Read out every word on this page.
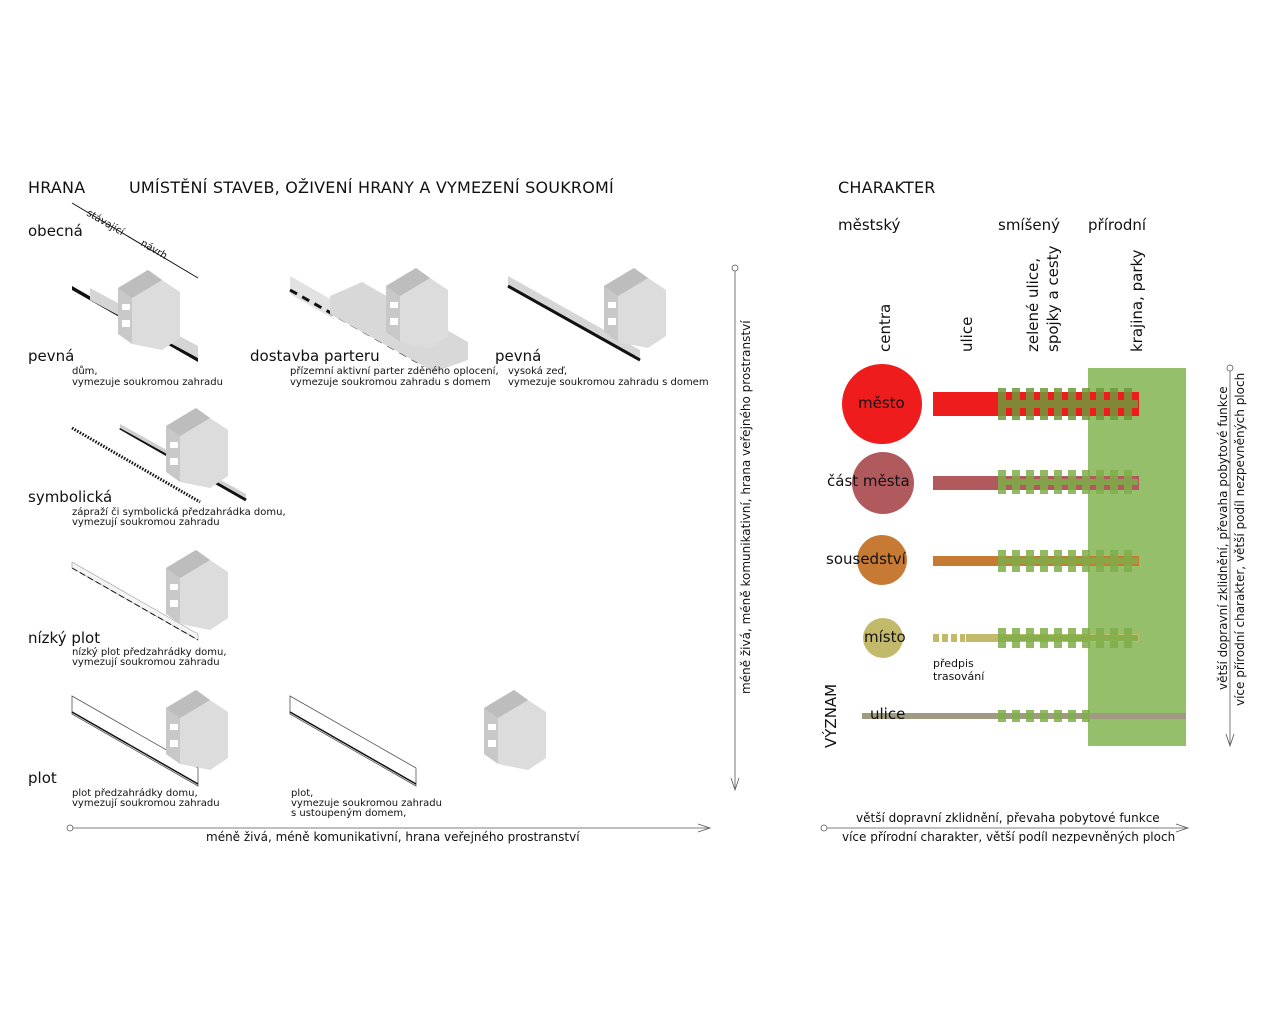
HRANA	UMÍSTĚNÍ STAVEB, OŽIVENÍ HRANY A VYMEZENÍ SOUKROMÍ
obecná stávající
návrh
pevná
dům,
vymezuje soukromou zahradu
dostavba parteru
přízemní aktivní parter zděného oplocení,
vymezuje soukromou zahradu s domem
pevná
vysoká zeď,
vymezuje soukromou zahradu s domem
symbolická
zápraží či symbolická předzahrádka domu,
vymezují soukromou zahradu
nízký plot
nízký plot předzahrádky domu,
vymezují soukromou zahradu
plot
plot předzahrádky domu,
vymezují soukromou zahradu
plot,
vymezuje soukromou zahradu
s ustoupeným domem,
méně živá, méně komunikativní, hrana veřejného prostranství
méně živá, méně komunikativní, hrana veřejného prostranství
CHARAKTER
městský	smíšený přírodní
centra	ulice	zelené ulice, spojky a cesty	krajina, parky
město
část města
sousedství
místo
ulice
předpis
trasování
VÝZNAM
větší dopravní zklidnění, převaha pobytové funkce
více přírodní charakter, větší podíl nezpevněných ploch
větší dopravní zklidnění, převaha pobytové funkce více přírodní charakter, větší podíl nezpevněných ploch
